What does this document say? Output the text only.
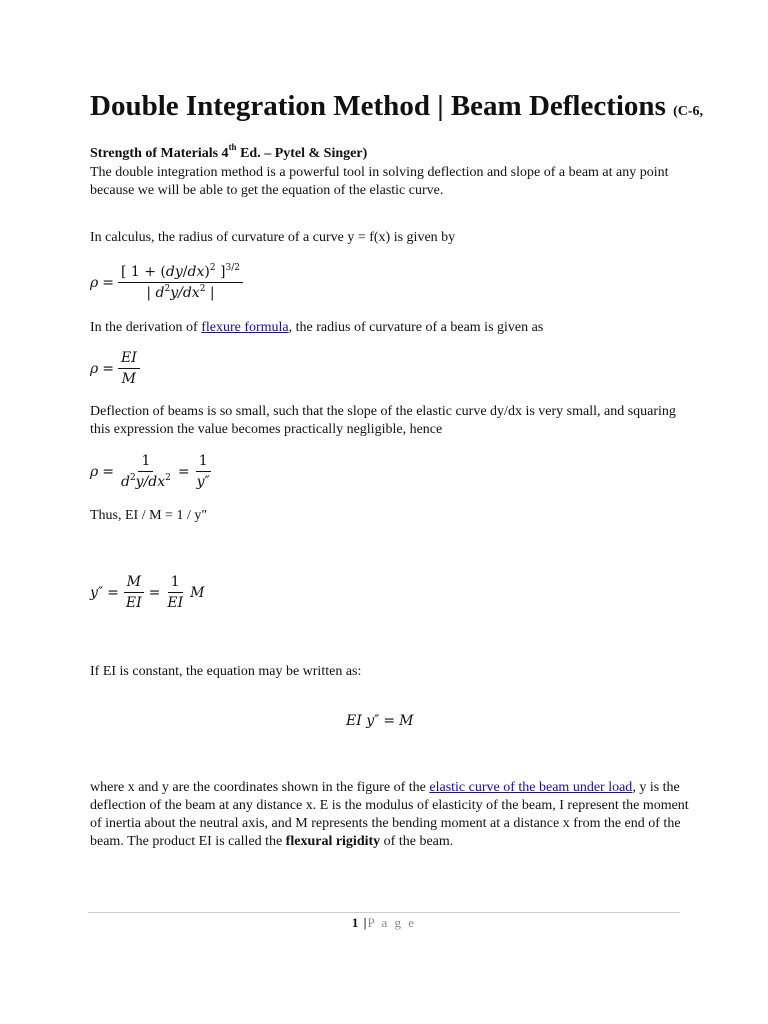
Double Integration Method | Beam Deflections (C-6, Strength of Materials 4th Ed. – Pytel & Singer)

The double integration method is a powerful tool in solving deflection and slope of a beam at any point because we will be able to get the equation of the elastic curve.

In calculus, the radius of curvature of a curve y = f(x) is given by

$\rho = \frac{[ 1 + (dy/dx)^2 ]^{3/2}}{| d^2y/dx^2 |}$

In the derivation of flexure formula, the radius of curvature of a beam is given as

$\rho = \frac{EI}{M}$

Deflection of beams is so small, such that the slope of the elastic curve dy/dx is very small, and squaring this expression the value becomes practically negligible, hence

$\rho = \frac{1}{d^2y/dx^2} = \frac{1}{y''}$

Thus, EI / M = 1 / y"

$y'' = \frac{M}{EI} = \frac{1}{EI}$ M

If EI is constant, the equation may be written as:

EI y″ = M

where x and y are the coordinates shown in the figure of the elastic curve of the beam under load, y is the deflection of the beam at any distance x. E is the modulus of elasticity of the beam, I represent the moment of inertia about the neutral axis, and M represents the bending moment at a distance x from the end of the beam. The product EI is called the flexural rigidity of the beam.

1 |P a g e
